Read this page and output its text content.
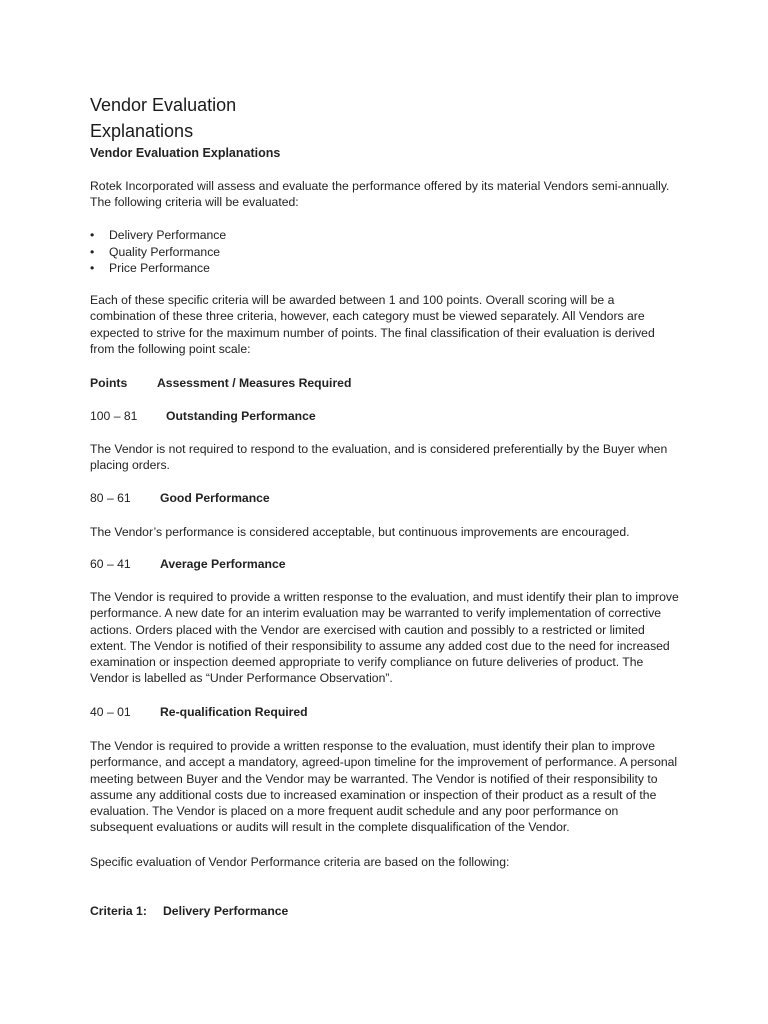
Vendor Evaluation
Explanations
Vendor Evaluation Explanations

Rotek Incorporated will assess and evaluate the performance offered by its material Vendors semi-annually. The following criteria will be evaluated:

• Delivery Performance
• Quality Performance
• Price Performance

Each of these specific criteria will be awarded between 1 and 100 points. Overall scoring will be a combination of these three criteria, however, each category must be viewed separately. All Vendors are expected to strive for the maximum number of points. The final classification of their evaluation is derived from the following point scale:

Points Assessment / Measures Required
100 – 81 Outstanding Performance

The Vendor is not required to respond to the evaluation, and is considered preferentially by the Buyer when placing orders.

80 – 61 Good Performance

The Vendor’s performance is considered acceptable, but continuous improvements are encouraged.

60 – 41 Average Performance

The Vendor is required to provide a written response to the evaluation, and must identify their plan to improve performance. A new date for an interim evaluation may be warranted to verify implementation of corrective actions. Orders placed with the Vendor are exercised with caution and possibly to a restricted or limited extent. The Vendor is notified of their responsibility to assume any added cost due to the need for increased examination or inspection deemed appropriate to verify compliance on future deliveries of product. The Vendor is labelled as “Under Performance Observation”.

40 – 01 Re-qualification Required

The Vendor is required to provide a written response to the evaluation, must identify their plan to improve performance, and accept a mandatory, agreed-upon timeline for the improvement of performance. A personal meeting between Buyer and the Vendor may be warranted. The Vendor is notified of their responsibility to assume any additional costs due to increased examination or inspection of their product as a result of the evaluation. The Vendor is placed on a more frequent audit schedule and any poor performance on subsequent evaluations or audits will result in the complete disqualification of the Vendor.

Specific evaluation of Vendor Performance criteria are based on the following:

Criteria 1: Delivery Performance
